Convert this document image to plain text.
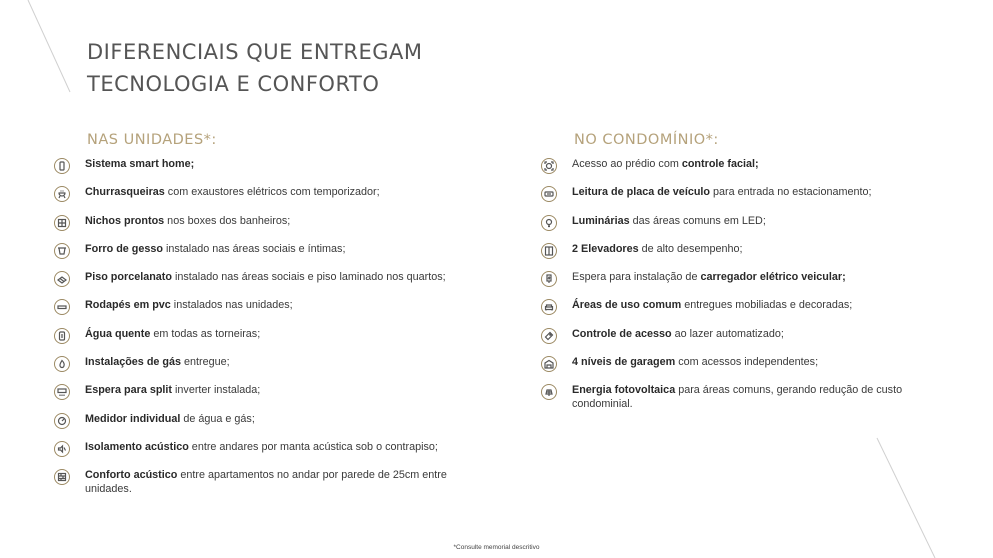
DIFERENCIAIS QUE ENTREGAM
TECNOLOGIA E CONFORTO
NAS UNIDADES*:
Sistema smart home;
Churrasqueiras com exaustores elétricos com temporizador;
Nichos prontos nos boxes dos banheiros;
Forro de gesso instalado nas áreas sociais e íntimas;
Piso porcelanato instalado nas áreas sociais e piso laminado nos quartos;
Rodapés em pvc instalados nas unidades;
Água quente em todas as torneiras;
Instalações de gás entregue;
Espera para split inverter instalada;
Medidor individual de água e gás;
Isolamento acústico entre andares por manta acústica sob o contrapiso;
Conforto acústico entre apartamentos no andar por parede de 25cm entre unidades.
NO CONDOMÍNIO*:
Acesso ao prédio com controle facial;
Leitura de placa de veículo para entrada no estacionamento;
Luminárias das áreas comuns em LED;
2 Elevadores de alto desempenho;
Espera para instalação de carregador elétrico veicular;
Áreas de uso comum entregues mobiliadas e decoradas;
Controle de acesso ao lazer automatizado;
4 níveis de garagem com acessos independentes;
Energia fotovoltaica para áreas comuns, gerando redução de custo condominial.

*Consulte memorial descritivo
